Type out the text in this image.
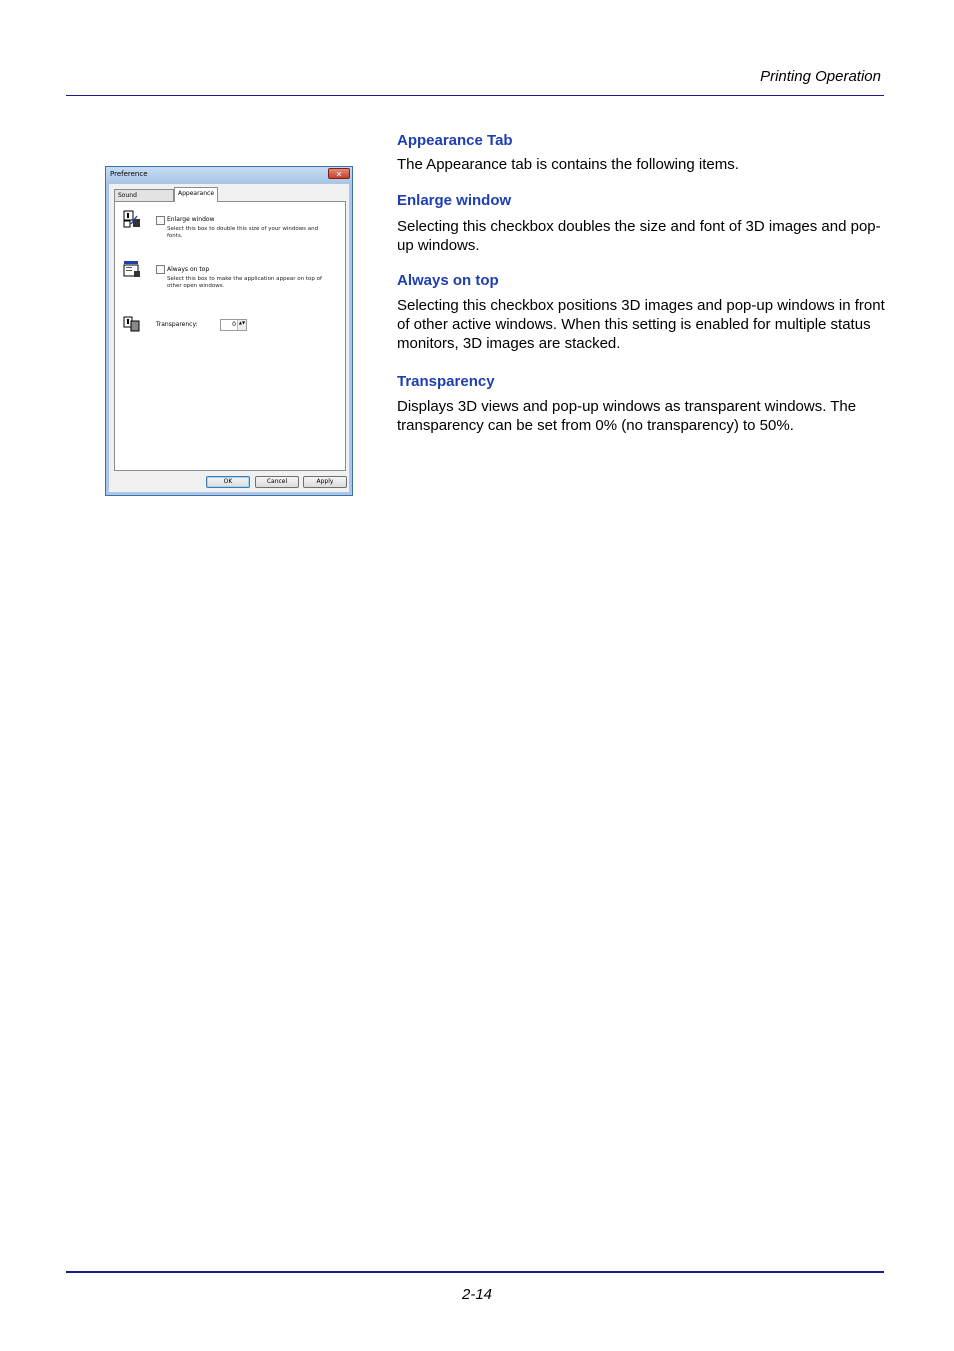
Printing Operation
Preference	✕
Sound	Appearance
Enlarge window
Select this box to double this size of your windows and fonts.
Always on top
Select this box to make the application appear on top of other open windows.
Transparency:	0 ▲▼
OK	Cancel	Apply
Appearance Tab

The Appearance tab is contains the following items.

Enlarge window

Selecting this checkbox doubles the size and font of 3D images and pop-up windows.

Always on top

Selecting this checkbox positions 3D images and pop-up windows in front of other active windows. When this setting is enabled for multiple status monitors, 3D images are stacked.

Transparency

Displays 3D views and pop-up windows as transparent windows. The transparency can be set from 0% (no transparency) to 50%.

2-14
